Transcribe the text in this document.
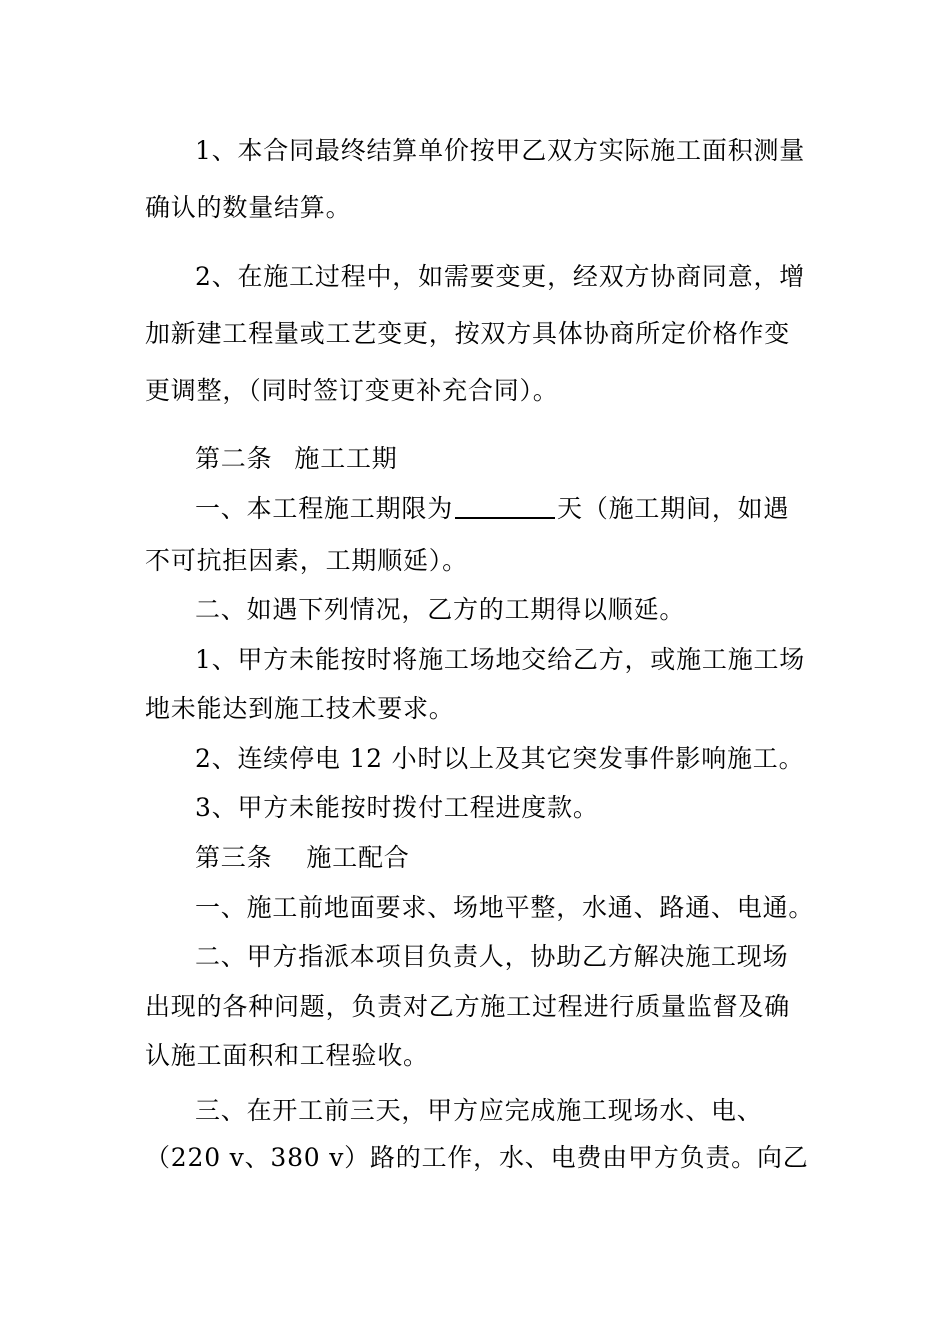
1、本合同最终结算单价按甲乙双方实际施工面积测量
确认的数量结算。
2、在施工过程中，如需要变更，经双方协商同意，增
加新建工程量或工艺变更，按双方具体协商所定价格作变
更调整，（同时签订变更补充合同）。
第二条 施工工期
一、本工程施工期限为	天（施工期间，如遇
不可抗拒因素，工期顺延）。
二、如遇下列情况，乙方的工期得以顺延。
1、甲方未能按时将施工场地交给乙方，或施工施工场
地未能达到施工技术要求。
2、连续停电 12 小时以上及其它突发事件影响施工。
3、甲方未能按时拨付工程进度款。
第三条 施工配合
一、施工前地面要求、场地平整，水通、路通、电通。
二、甲方指派本项目负责人，协助乙方解决施工现场
出现的各种问题，负责对乙方施工过程进行质量监督及确
认施工面积和工程验收。
三、在开工前三天，甲方应完成施工现场水、电、
（220 v、380 v）路的工作，水、电费由甲方负责。向乙
